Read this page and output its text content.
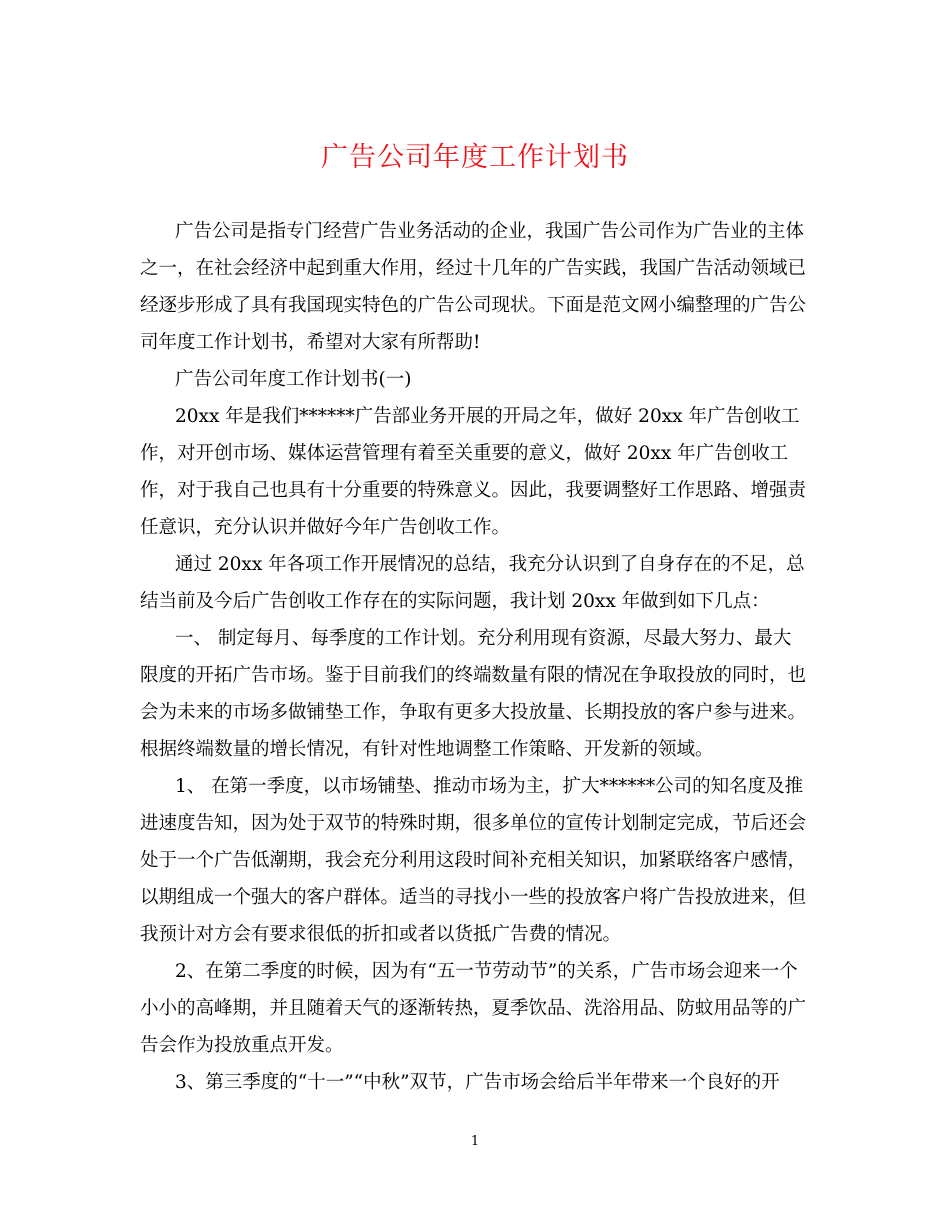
广告公司年度工作计划书
广告公司是指专门经营广告业务活动的企业，我国广告公司作为广告业的主体
之一，在社会经济中起到重大作用，经过十几年的广告实践，我国广告活动领域已
经逐步形成了具有我国现实特色的广告公司现状。下面是范文网小编整理的广告公
司年度工作计划书，希望对大家有所帮助!
广告公司年度工作计划书(一)
20xx 年是我们******广告部业务开展的开局之年，做好 20xx 年广告创收工
作，对开创市场、媒体运营管理有着至关重要的意义，做好 20xx 年广告创收工
作，对于我自己也具有十分重要的特殊意义。因此，我要调整好工作思路、增强责
任意识，充分认识并做好今年广告创收工作。
通过 20xx 年各项工作开展情况的总结，我充分认识到了自身存在的不足，总
结当前及今后广告创收工作存在的实际问题，我计划 20xx 年做到如下几点：
一、 制定每月、每季度的工作计划。充分利用现有资源，尽最大努力、最大
限度的开拓广告市场。鉴于目前我们的终端数量有限的情况在争取投放的同时，也
会为未来的市场多做铺垫工作，争取有更多大投放量、长期投放的客户参与进来。
根据终端数量的增长情况，有针对性地调整工作策略、开发新的领域。
1、 在第一季度，以市场铺垫、推动市场为主，扩大******公司的知名度及推
进速度告知，因为处于双节的特殊时期，很多单位的宣传计划制定完成，节后还会
处于一个广告低潮期，我会充分利用这段时间补充相关知识，加紧联络客户感情，
以期组成一个强大的客户群体。适当的寻找小一些的投放客户将广告投放进来，但
我预计对方会有要求很低的折扣或者以货抵广告费的情况。
2、在第二季度的时候，因为有“五一节劳动节”的关系，广告市场会迎来一个
小小的高峰期，并且随着天气的逐渐转热，夏季饮品、洗浴用品、防蚊用品等的广
告会作为投放重点开发。
3、第三季度的“十一”“中秋”双节，广告市场会给后半年带来一个良好的开
1
